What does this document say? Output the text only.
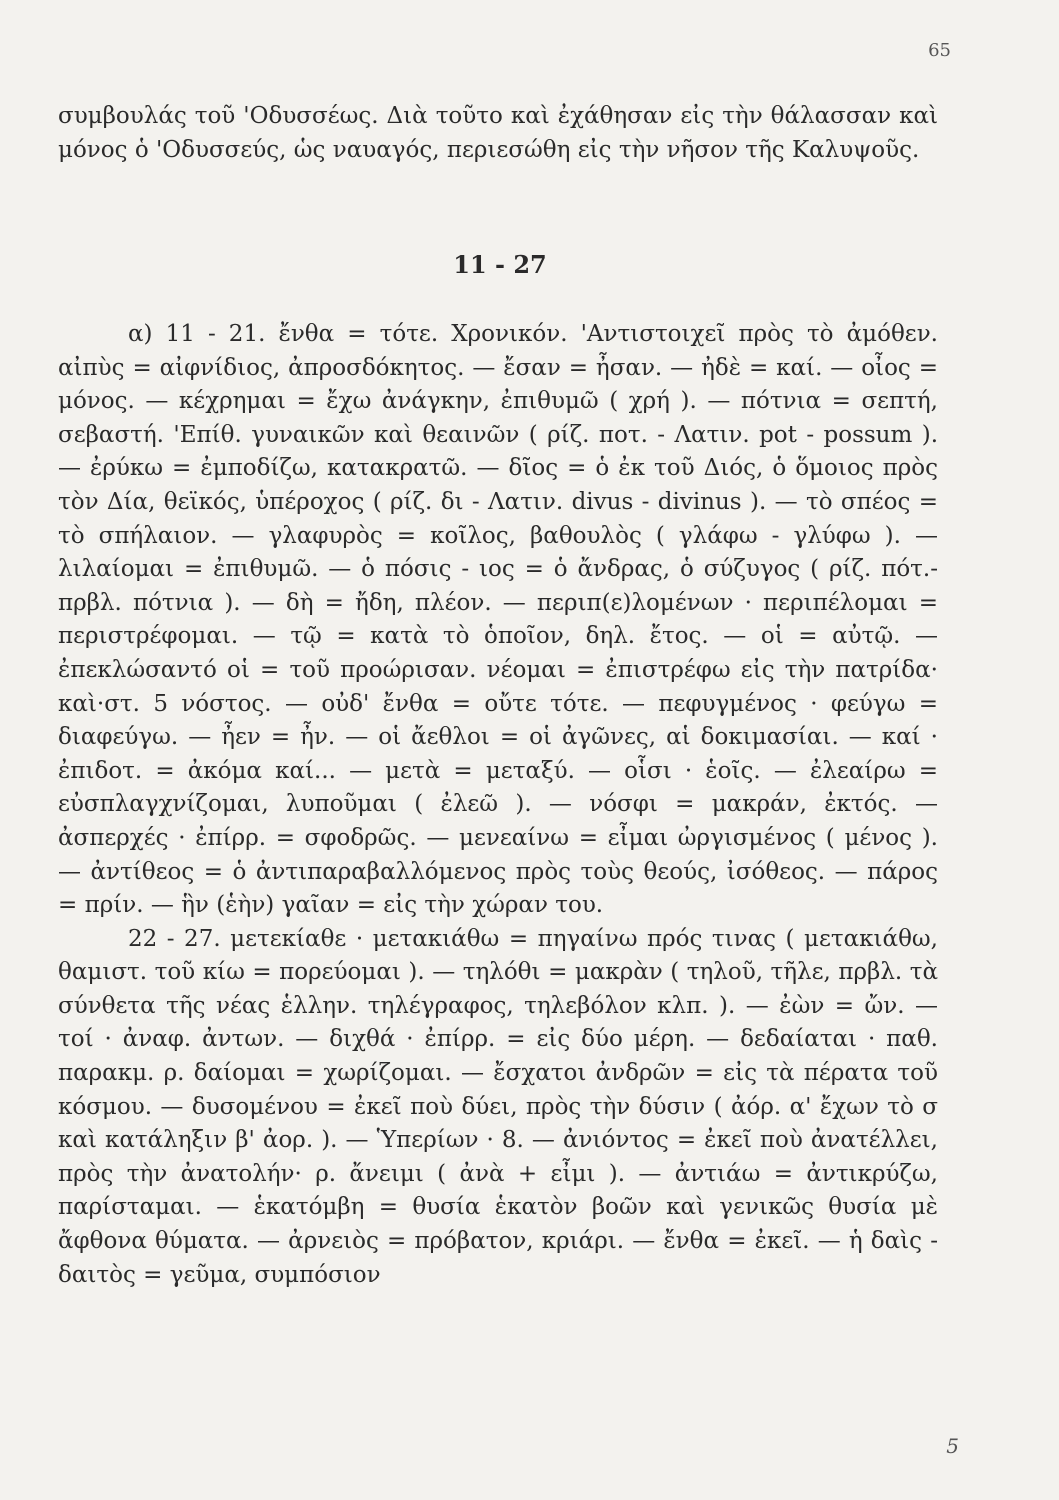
65
συμβουλάς τοῦ 'Οδυσσέως. Διὰ τοῦτο καὶ ἐχάθησαν εἰς τὴν θάλασσαν καὶ μόνος ὁ 'Οδυσσεύς, ὡς ναυαγός, περιεσώθη εἰς τὴν νῆσον τῆς Καλυψοῦς.
11 - 27

α) 11 - 21. ἔνθα = τότε. Χρονικόν. 'Αντιστοιχεῖ πρὸς τὸ ἀμόθεν. αἰπὺς = αἰφνίδιος, ἀπροσδόκητος. — ἔσαν = ἦσαν. — ἠδὲ = καί. — οἶος = μόνος. — κέχρημαι = ἔχω ἀνάγκην, ἐπιθυμῶ ( χρή ). — πότνια = σεπτή, σεβαστή. 'Επίθ. γυναικῶν καὶ θεαινῶν ( ρίζ. ποτ. - Λατιν. pot - possum ). — ἐρύκω = ἐμποδίζω, κατακρατῶ. — δῖος = ὁ ἐκ τοῦ Διός, ὁ ὅμοιος πρὸς τὸν Δία, θεϊκός, ὑπέροχος ( ρίζ. δι - Λατιν. divus - divinus ). — τὸ σπέος = τὸ σπήλαιον. — γλαφυρὸς = κοῖλος, βαθουλὸς ( γλάφω - γλύφω ). — λιλαίομαι = ἐπιθυμῶ. — ὁ πόσις - ιος = ὁ ἄνδρας, ὁ σύζυγος ( ρίζ. πότ.-πρβλ. πότνια ). — δὴ = ἤδη, πλέον. — περιπ(ε)λομένων · περιπέλομαι = περιστρέφομαι. — τῷ = κατὰ τὸ ὁποῖον, δηλ. ἔτος. — οἱ = αὐτῷ. — ἐπεκλώσαντό οἱ = τοῦ προώρισαν. νέομαι = ἐπιστρέφω εἰς τὴν πατρίδα· καὶ·στ. 5 νόστος. — οὐδ' ἔνθα = οὔτε τότε. — πεφυγμένος · φεύγω = διαφεύγω. — ἦεν = ἦν. — οἱ ἄεθλοι = οἱ ἀγῶνες, αἱ δοκιμασίαι. — καί · ἐπιδοτ. = ἀκόμα καί... — μετὰ = μεταξύ. — οἷσι · ἑοῖς. — ἐλεαίρω = εὐσπλαγχνίζομαι, λυποῦμαι ( ἐλεῶ ). — νόσφι = μακράν, ἐκτός. — ἀσπερχές · ἐπίρρ. = σφοδρῶς. — μενεαίνω = εἶμαι ὠργισμένος ( μένος ). — ἀντίθεος = ὁ ἀντιπαραβαλλόμενος πρὸς τοὺς θεούς, ἰσόθεος. — πάρος = πρίν. — ἣν (ἑὴν) γαῖαν = εἰς τὴν χώραν του.

22 - 27. μετεκίαθε · μετακιάθω = πηγαίνω πρός τινας ( μετακιάθω, θαμιστ. τοῦ κίω = πορεύομαι ). — τηλόθι = μακρὰν ( τηλοῦ, τῆλε, πρβλ. τὰ σύνθετα τῆς νέας ἑλλην. τηλέγραφος, τηλεβόλον κλπ. ). — ἐὼν = ὤν. — τοί · ἀναφ. ἀντων. — διχθά · ἐπίρρ. = εἰς δύο μέρη. — δεδαίαται · παθ. παρακμ. ρ. δαίομαι = χωρίζομαι. — ἔσχατοι ἀνδρῶν = εἰς τὰ πέρατα τοῦ κόσμου. — δυσομένου = ἐκεῖ ποὺ δύει, πρὸς τὴν δύσιν ( ἀόρ. α' ἔχων τὸ σ καὶ κατάληξιν β' ἀορ. ). — Ὑπερίων · 8. — ἀνιόντος = ἐκεῖ ποὺ ἀνατέλλει, πρὸς τὴν ἀνατολήν· ρ. ἄνειμι ( ἀνὰ + εἶμι ). — ἀντιάω = ἀντικρύζω, παρίσταμαι. — ἑκατόμβη = θυσία ἑκατὸν βοῶν καὶ γενικῶς θυσία μὲ ἄφθονα θύματα. — ἀρνειὸς = πρόβατον, κριάρι. — ἔνθα = ἐκεῖ. — ἡ δαὶς - δαιτὸς = γεῦμα, συμπόσιον

5
